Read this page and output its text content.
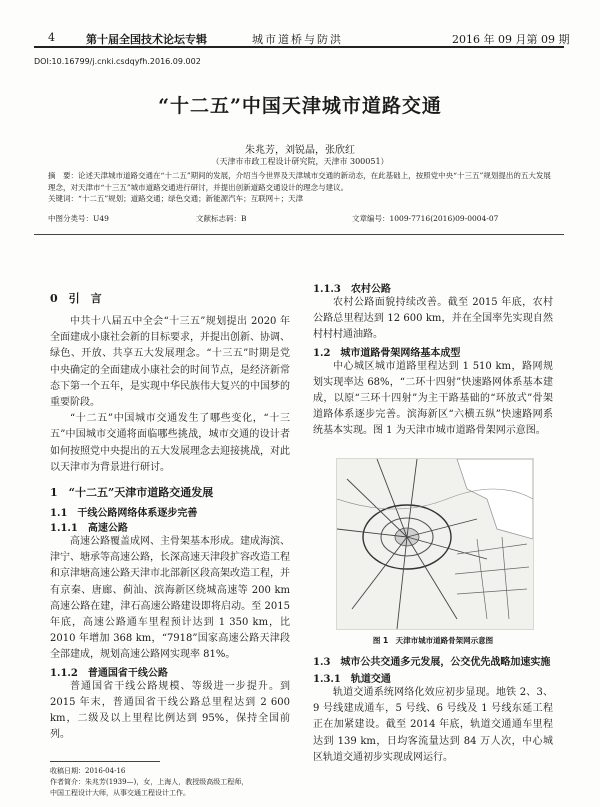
4	第十届全国技术论坛专辑	城市道桥与防洪	2016 年 09 月第 09 期
DOI:10.16799/j.cnki.csdqyfh.2016.09.002
“十二五”中国天津城市道路交通
朱兆芳，刘锐晶，张欣红
（天津市市政工程设计研究院，天津市 300051）
摘　要：论述天津城市道路交通在“十二五”期间的发展，介绍当今世界及天津城市交通的新动态，在此基础上，按照党中央“十三五”规划提出的五大发展理念，对天津市“十三五”城市道路交通进行研讨，并提出创新道路交通设计的理念与建议。
关键词：“十二五”规划；道路交通；绿色交通；新能源汽车；互联网＋；天津
中图分类号：U49	文献标志码：B	文章编号：1009-7716(2016)09-0004-07
0　引　言

中共十八届五中全会“十三五”规划提出 2020 年全面建成小康社会新的目标要求，并提出创新、协调、绿色、开放、共享五大发展理念。“十三五”时期是党中央确定的全面建成小康社会的时间节点，是经济新常态下第一个五年，是实现中华民族伟大复兴的中国梦的重要阶段。

“十二五”中国城市交通发生了哪些变化，“十三五”中国城市交通将面临哪些挑战，城市交通的设计者如何按照党中央提出的五大发展理念去迎接挑战，对此以天津市为背景进行研讨。

1　“十二五”天津市道路交通发展
1.1　干线公路网络体系逐步完善
1.1.1　高速公路

高速公路覆盖成网、主骨架基本形成。建成海滨、津宁、塘承等高速公路，长深高速天津段扩容改造工程和京津塘高速公路天津市北部新区段高架改造工程，并有京秦、唐廊、蓟汕、滨海新区绕城高速等 200 km 高速公路在建，津石高速公路建设即将启动。至 2015 年底，高速公路通车里程预计达到 1 350 km，比 2010 年增加 368 km，“7918”国家高速公路天津段全部建成，规划高速公路网实现率 81%。

1.1.2　普通国省干线公路

普通国省干线公路规模、等级进一步提升。到 2015 年末，普通国省干线公路总里程达到 2 600 km，二级及以上里程比例达到 95%，保持全国前列。

收稿日期：2016-04-16
作者简介：朱兆芳(1939—)，女，上海人，教授级高级工程师，
中国工程设计大师，从事交通工程设计工作。
1.1.3　农村公路

农村公路面貌持续改善。截至 2015 年底，农村公路总里程达到 12 600 km，并在全国率先实现自然村村村通油路。

1.2　城市道路骨架网络基本成型

中心城区城市道路里程达到 1 510 km，路网规划实现率达 68%，“二环十四射”快速路网体系基本建成，以原“三环十四射”为主干路基础的“环放式”骨架道路体系逐步完善。滨海新区“六横五纵”快速路网系统基本实现。图 1 为天津市城市道路骨架网示意图。

图 1　天津市城市道路骨架网示意图
1.3　城市公共交通多元发展，公交优先战略加速实施
1.3.1　轨道交通

轨道交通系统网络化效应初步显现。地铁 2、3、9 号线建成通车，5 号线、6 号线及 1 号线东延工程正在加紧建设。截至 2014 年底，轨道交通通车里程达到 139 km，日均客流量达到 84 万人次，中心城区轨道交通初步实现成网运行。
